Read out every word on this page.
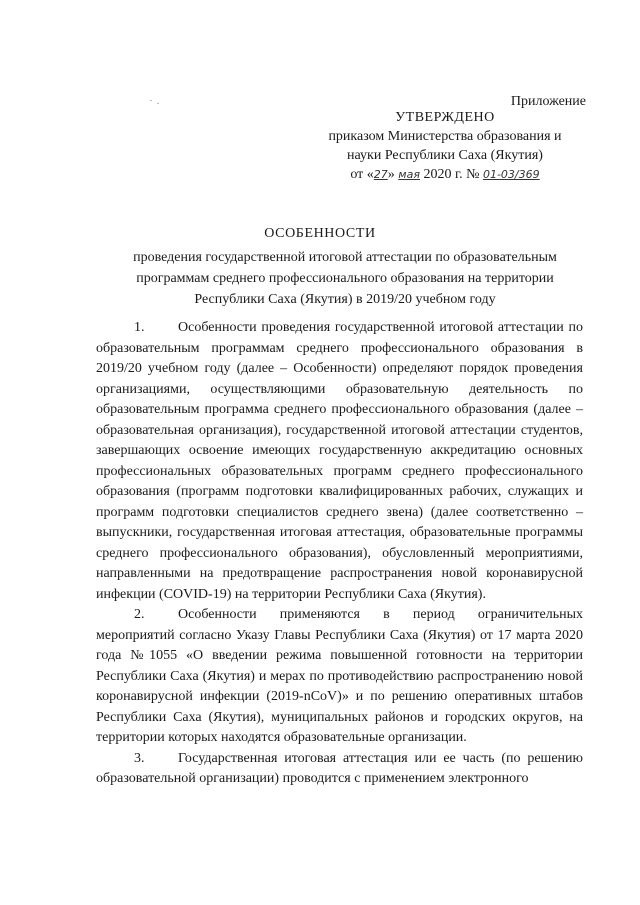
Приложение
УТВЕРЖДЕНО
приказом Министерства образования и
науки Республики Саха (Якутия)
от «27» мая 2020 г. № 01-03/369
ОСОБЕННОСТИ
проведения государственной итоговой аттестации по образовательным
программам среднего профессионального образования на территории
Республики Саха (Якутия) в 2019/20 учебном году

1. Особенности проведения государственной итоговой аттестации по образовательным программам среднего профессионального образования в 2019/20 учебном году (далее – Особенности) определяют порядок проведения организациями, осуществляющими образовательную деятельность по образовательным программа среднего профессионального образования (далее – образовательная организация), государственной итоговой аттестации студентов, завершающих освоение имеющих государственную аккредитацию основных профессиональных образовательных программ среднего профессионального образования (программ подготовки квалифицированных рабочих, служащих и программ подготовки специалистов среднего звена) (далее соответственно – выпускники, государственная итоговая аттестация, образовательные программы среднего профессионального образования), обусловленный мероприятиями, направленными на предотвращение распространения новой коронавирусной инфекции (COVID-19) на территории Республики Саха (Якутия).

2. Особенности применяются в период ограничительных мероприятий согласно Указу Главы Республики Саха (Якутия) от 17 марта 2020 года №1055 «О введении режима повышенной готовности на территории Республики Саха (Якутия) и мерах по противодействию распространению новой коронавирусной инфекции (2019-nCoV)» и по решению оперативных штабов Республики Саха (Якутия), муниципальных районов и городских округов, на территории которых находятся образовательные организации.

3. Государственная итоговая аттестация или ее часть (по решению образовательной организации) проводится с применением электронного
